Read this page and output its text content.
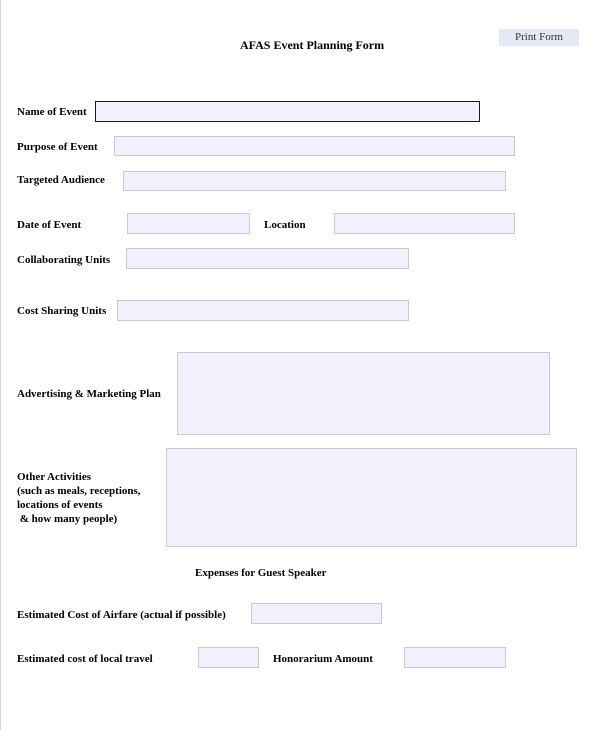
AFAS Event Planning Form
Print Form
Name of Event
Purpose of Event
Targeted Audience
Date of Event	Location
Collaborating Units
Cost Sharing Units
Advertising & Marketing Plan
Other Activities
(such as meals, receptions,
locations of events
& how many people)
Expenses for Guest Speaker
Estimated Cost of Airfare (actual if possible)
Estimated cost of local travel	Honorarium Amount
